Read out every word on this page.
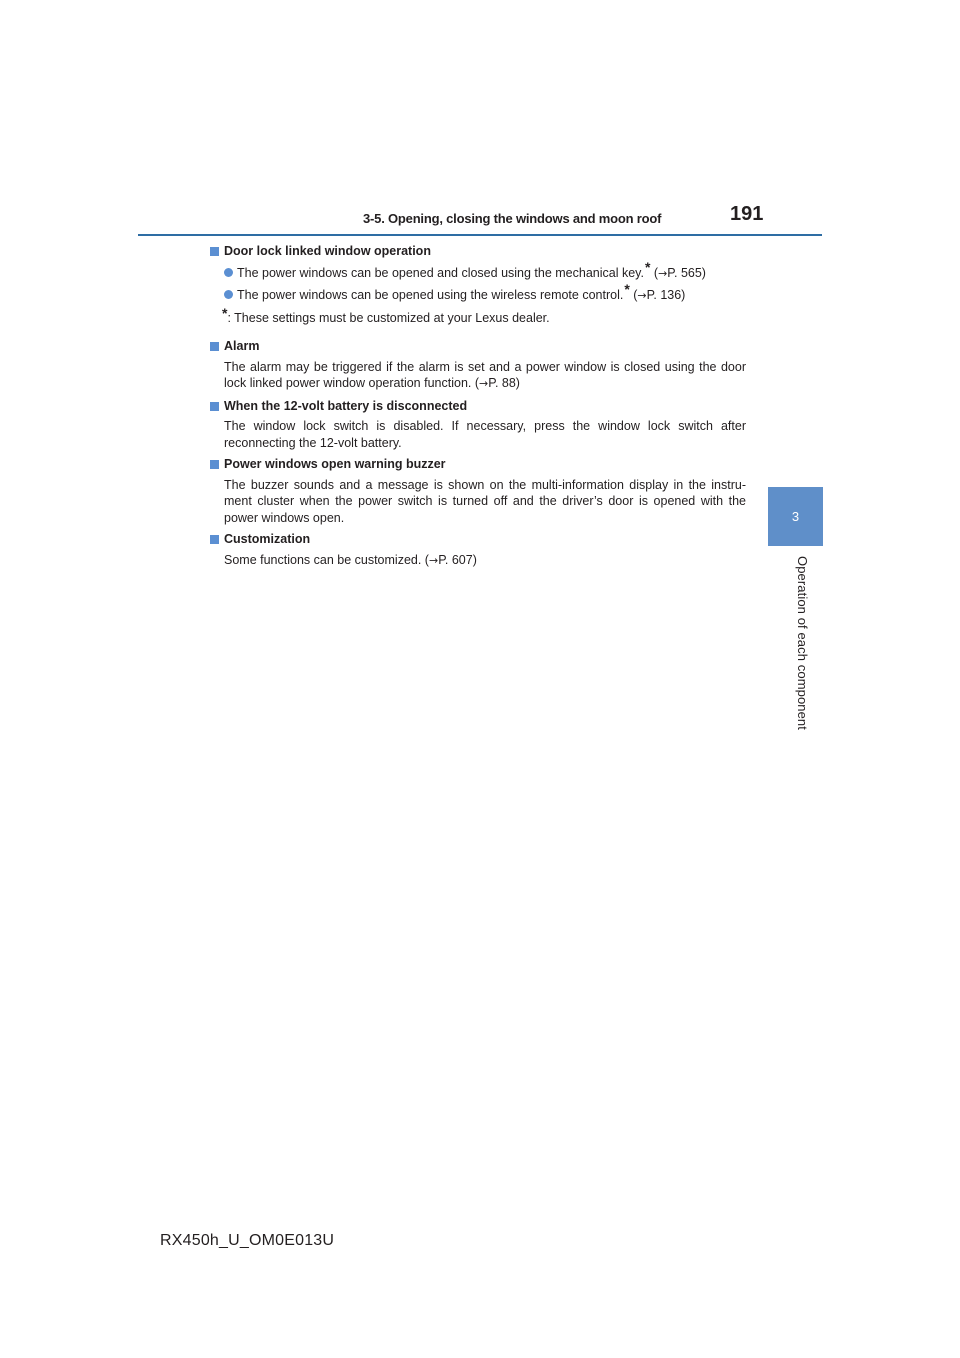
3-5. Opening, closing the windows and moon roof	191
3
Operation of each component
Door lock linked window operation
The power windows can be opened and closed using the mechanical key.* (→P. 565)
The power windows can be opened using the wireless remote control.* (→P. 136)
*: These settings must be customized at your Lexus dealer.
Alarm
The alarm may be triggered if the alarm is set and a power window is closed using the door lock linked power window operation function. (→P. 88)
When the 12-volt battery is disconnected
The window lock switch is disabled. If necessary, press the window lock switch after reconnecting the 12-volt battery.
Power windows open warning buzzer
The buzzer sounds and a message is shown on the multi-information display in the instru-ment cluster when the power switch is turned off and the driver’s door is opened with the power windows open.
Customization
Some functions can be customized. (→P. 607)
RX450h_U_OM0E013U
